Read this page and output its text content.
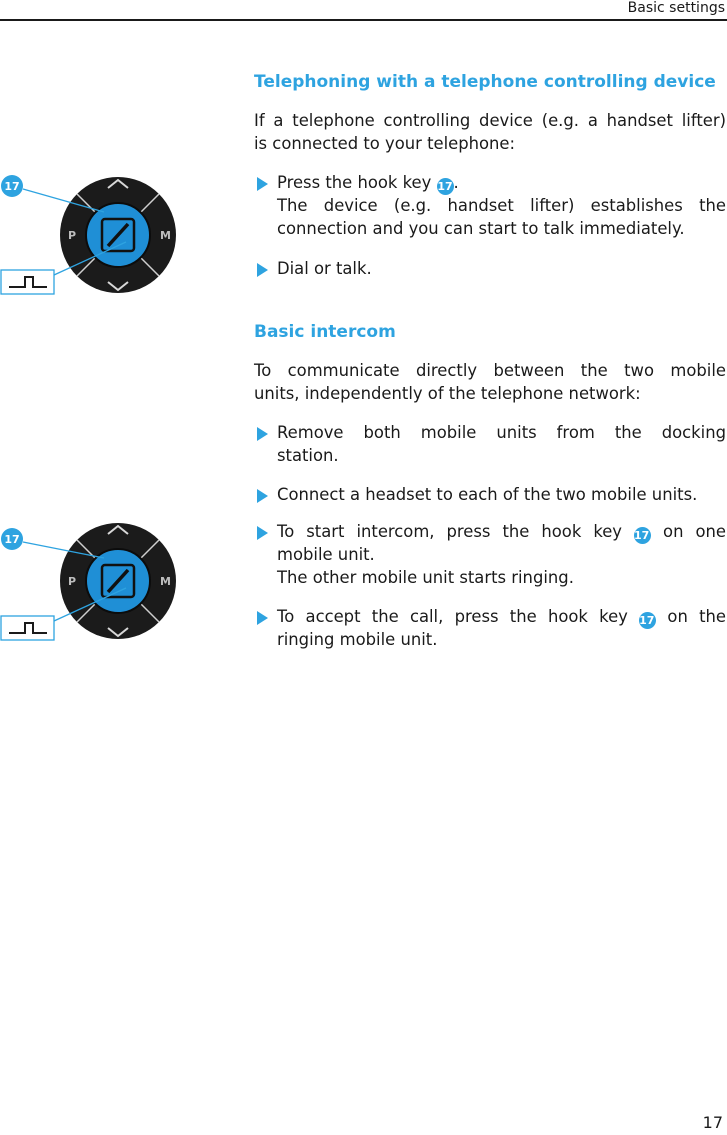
Basic settings
Telephoning with a telephone controlling device
If a telephone controlling device (e.g. a handset lifter)
is connected to your telephone:
Press the hook key 17.
The device (e.g. handset lifter) establishes the
connection and you can start to talk immediately.
Dial or talk.
Basic intercom
To communicate directly between the two mobile
units, independently of the telephone network:
Remove both mobile units from the docking
station.
Connect a headset to each of the two mobile units.
To start intercom, press the hook key 17 on one
mobile unit.
The other mobile unit starts ringing.
To accept the call, press the hook key 17 on the
ringing mobile unit.
P	M
17
P	M
17
17
